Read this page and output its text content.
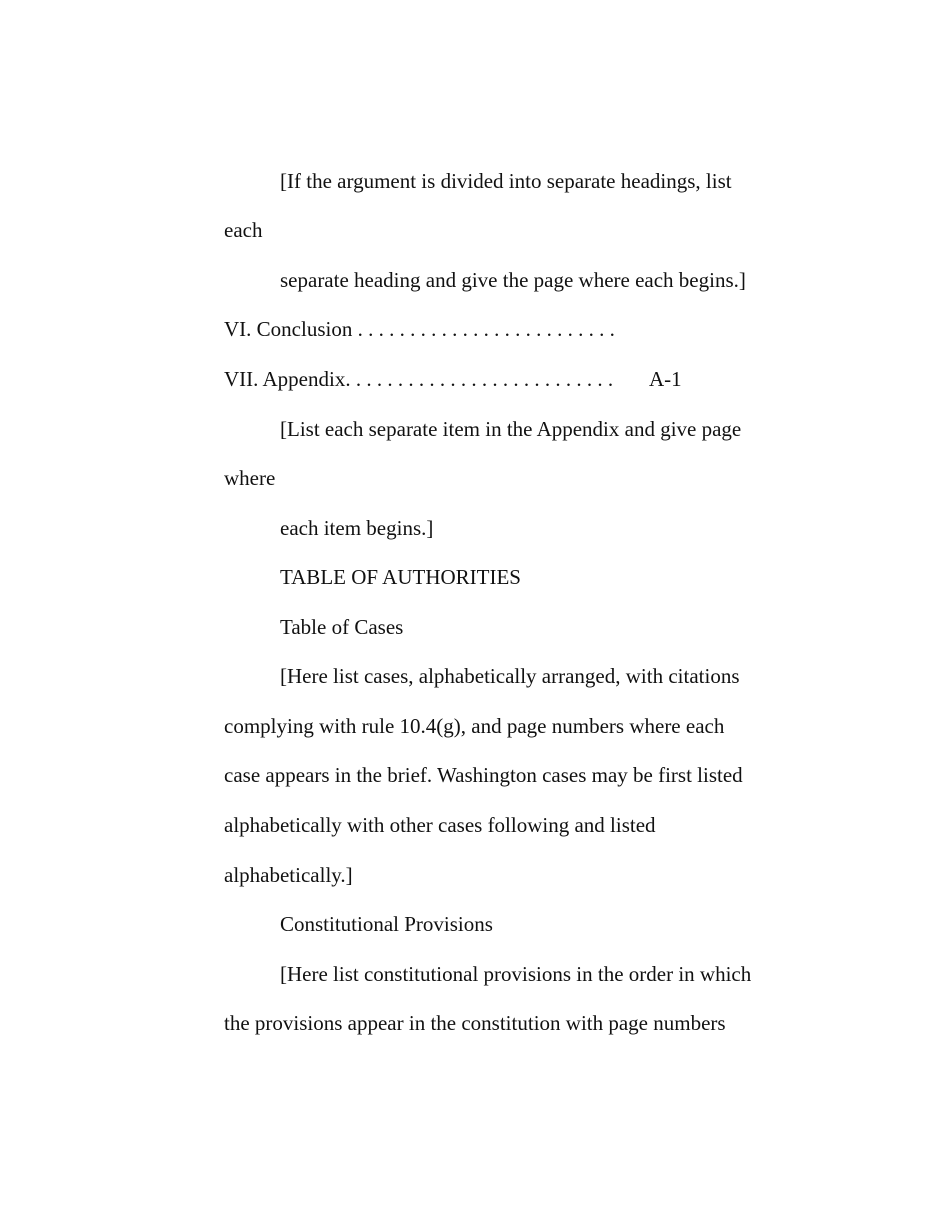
[If the argument is divided into separate headings, list
each
separate heading and give the page where each begins.]
VI. Conclusion . . . . . . . . . . . . . . . . . . . . . . . . .
VII. Appendix. . . . . . . . . . . . . . . . . . . . . . . . . . A-1
[List each separate item in the Appendix and give page
where
each item begins.]
TABLE OF AUTHORITIES
Table of Cases
[Here list cases, alphabetically arranged, with citations
complying with rule 10.4(g), and page numbers where each
case appears in the brief. Washington cases may be first listed
alphabetically with other cases following and listed
alphabetically.]
Constitutional Provisions
[Here list constitutional provisions in the order in which
the provisions appear in the constitution with page numbers
